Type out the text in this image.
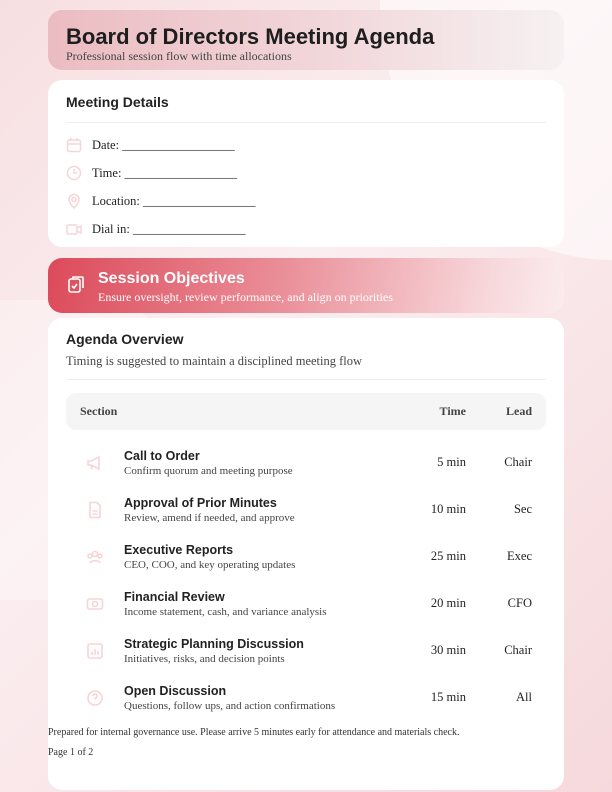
Board of Directors Meeting Agenda

Professional session flow with time allocations

Meeting Details
Date: __________________
Time: __________________
Location: __________________
Dial in: __________________
Session Objectives

Ensure oversight, review performance, and align on priorities

Agenda Overview

Timing is suggested to maintain a disciplined meeting flow

Section	Time	Lead
Call to Order
Confirm quorum and meeting purpose
5 min	Chair
Approval of Prior Minutes
Review, amend if needed, and approve
10 min	Sec
Executive Reports
CEO, COO, and key operating updates
25 min	Exec
Financial Review
Income statement, cash, and variance analysis
20 min	CFO
Strategic Planning Discussion
Initiatives, risks, and decision points
30 min	Chair
Open Discussion
Questions, follow ups, and action confirmations
15 min	All
Prepared for internal governance use. Please arrive 5 minutes early for attendance and materials check.
Page 1 of 2
